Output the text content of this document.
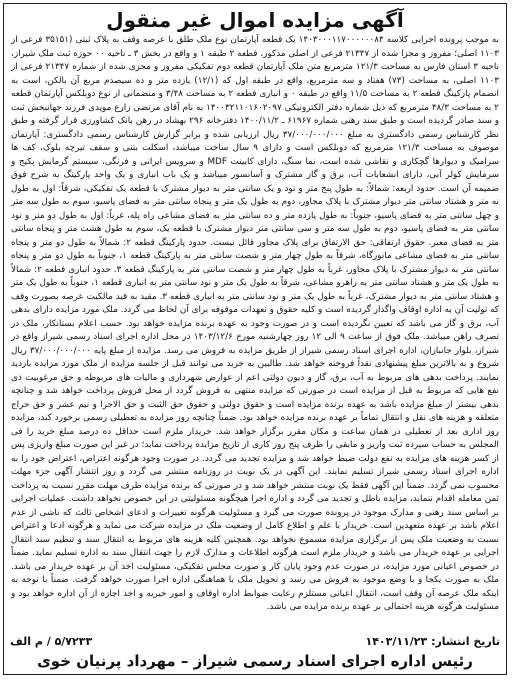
آگهی مزایده اموال غیر منقول

به موجب پرونده اجرایی کلاسه ۱۴۰۳۰۰۰۱۱۷۰۰۰۰۰۰۸۴ یک قطعه آپارتمان نوع ملک طلق با عرصه وقف به پلاک ثبتی (۳۵۱۵۱ فرعی از ۱۱۰۳ اصلی؛ مفروز و مجزا شده از ۲۱۳۴۷ فرعی از اصلی مذکور، قطعه ۲ طبقه ۱ و واقع در بخش ۳ ـ ناحیه ۰۰ حوزه ثبت ملک شیراز، ناحیه ۳ استان فارس به مساحت ۱۲۱/۳ مترمربع متن ملک آپارتمان قطعه دوم تفکیکی مفروز و مجزی شده از شماره ۲۱۳۴۷ فرعی از ۱۱۰۳ اصلی، به مساحت (۷۳) هفتاد و سه مترمربع، واقع در طبقه اول که (۱۲/۱) یازده متر و ده سیصدم مربع آن بالکن، است به انضمام پارکینگ قطعه ۲ به مساحت ۱۱/۵ واقع در طبقه ۰ و انباری قطعه ۲ به مساحت ۳/۴۸ و منضمانی از نوع دوبلکس آپارتمان قطعه ۲ به مساحت ۴۸/۳ مترمربع که ذیل شماره دفتر الکترونیکی ۱۴۰۰۳۲۱۱۰۱۶۰۲۰۹۷ به نام آقای مرتضی زارع مویدی فرزند جهانبخش ثبت و سند صادر گردیده است و طبق سند رهنی شماره ۶۱۹۶۷ ـ ۱۴۰۰/۱۱/۲ دفترخانه ۲۹۶ بهشاد در رهن بانک کشاورزی قرار گرفته و طبق نظر کارشناس رسمی دادگستری به مبلغ ۳۷/۰۰۰/۰۰۰/۰۰۰ ریال ارزیابی شده و برابر گزارش کارشناس رسمی دادگستری: آپارتمان موصوف به مساحت ۱۲۱/۳ مترمربع که دوبلکس است و دارای ۹ سال ساخت میباشد، اسکلت بتنی و سقف تیرچه بلوک، کف ها سرامیک و دیوارها گچکاری و نقاشی شده است، نما سنگ، دارای کابینت MDF و سرویس ایرانی و فرنگی، سیستم گرمایش پکیج و سرمایش کولر آبی، دارای انشعابات آب، برق و گاز مشترک و آسانسور میباشد و یک باب انباری و یک واحد پارکینگ به شرح فوق ضمیمه آن است. حدود اربعه: شمالاً: به طول پنج متر و نود و یک سانتی متر به دیوار مشترک با قطعه یک تفکیکی، شرقاً: اول به طول نه متر و هشتاد سانتی متر دیوار مشترک با پلاک مجاور، دوم به طول یک متر و پنجاه سانتی متر به فضای پاسیو، سوم به طول سه متر و چهل سانتی متر به فضای پاسیو، جنوباً: به طول یازده متر و ده سانتی متر به فضای مشاعی راه پله، غرباً: اول به طول دو متر و نود سانتی متر به فضای پاسیو، دوم به طول سه متر و سی سانتی متر دیوار مشترک با قطعه یک، سوم به طول هشت متر و پنجاه سانتی متر به فضای معبر. حقوق ارتفاقی: حق الارتفاق برای پلاک مجاور قائل نیست. حدود پارکینگ قطعه ۲: شمالاً به طول دو متر و پنجاه سانتی متر به فضای مشاعی مانورگاه، شرقاً به طول چهار متر و شصت سانتی متر به پارکینگ قطعه ۱، جنوباً به طول دو متر و پنجاه سانتی متر به دیوار مشترک با پلاک مجاور، غرباً به طول چهار متر و شصت سانتی متر به پارکینگ قطعه ۳. حدود انباری قطعه ۲: شمالاً به طول یک متر و هشتاد سانتی متر به راهرو مشاعی، شرقاً به طول یک متر و نود سانتی متر به انباری قطعه ۱، جنوباً به طول یک متر و هشتاد سانتی متر به دیوار مشترک، غرباً به طول یک متر و نود سانتی متر به انباری قطعه ۳. مقید به قید مالکیت عرصه بصورت وقف که تولیت آن به اداره اوقاف واگذار گردیده است و کلیه حقوق و تعهدات موقوفه برای آن لحاظ می گردد. ملک مورد مزایده دارای بدهی آب، برق و گاز می باشد که تعیین نگردیده است و در صورت وجود به عهده برنده مزایده خواهد بود. حسب اعلام بستانکار، ملک در تصرف راهن میباشد. ملک فوق از ساعت ۹ الی ۱۲ روز چهارشنبه مورخ ۱۴۰۳/۱۲/۶ در محل اداره اجرای اسناد رسمی شیراز واقع در شیراز، بلوار جانبازان، اداره اجرای اسناد رسمی شیراز از طریق مزایده به فروش می رسد. مزایده از مبلغ پایه ۳۷/۰۰۰/۰۰۰/۰۰۰ ریال شروع و به بالاترین مبلغ پیشنهادی نقداً فروخته خواهد شد. طالبین به خرید می توانند قبل از جلسه مزایده از ملک مورد مزایده بازدید نمایند. پرداخت بدهی های مربوط به آب، برق، گاز و دیون دولتی اعم از عوارض شهرداری و مالیات های مربوطه و حق مرغوبیت ذی نفع هایی که مربوط به قبل از مزایده است در صورتی که مزایده منتهی به فروش گردد از محل فروش پرداخت خواهد شد و چنانچه بدهی بیشتر از مبلغ مزایده باشد به عهده برنده مزایده است و حقوق دولتی و حقوق حق الثبت و حق الاجرا و نیم عشر و حق حراج متعلقه و هزینه های نقل و انتقال تماماً بر عهده برنده مزایده خواهد بود. ضمناً چنانچه روز مزایده به تعطیلی رسمی برخورد کند، مزایده روز اداری بعد از تعطیلی در همان ساعت و مکان مقرر برگزار خواهد شد. خریدار ملزم است حداقل ده درصد مبلغ خرید را فی المجلس به حساب سپرده ثبت واریز و مابقی را ظرف پنج روز کاری از تاریخ مزایده پرداخت نماید؛ در غیر این صورت مبلغ واریزی پس از کسر هزینه های مزایده به نفع دولت ضبط خواهد شد و مزایده تجدید می گردد. در صورت وجود هرگونه اعتراض، اعتراض خود را به اداره اجرای اسناد رسمی شیراز تسلیم نمایند. این آگهی در یک نوبت در روزنامه منتشر می گردد و روز انتشار آگهی جزء مهلت محسوب نمی گردد. ضمناً این آگهی فقط یک نوبت منتشر خواهد شد و در صورتی که برنده مزایده ظرف مهلت مقرر نسبت به پرداخت ثمن معامله اقدام ننماید، مزایده باطل و تجدید می گردد و اداره اجرا هیچگونه مسئولیتی در این خصوص نخواهد داشت. عملیات اجرایی بر اساس سند رهنی و مدارک موجود در پرونده صورت می گیرد و مسئولیت هرگونه تغییرات و ادعای اشخاص ثالث که ناشی از عدم اعلام باشد بر عهده متعهدین است. خریدار با علم و اطلاع کامل از وضعیت ملک در مزایده شرکت می نماید و هرگونه ادعا و اعتراض نسبت به وضعیت ملک پس از برگزاری مزایده مسموع نخواهد بود. همچنین کلیه هزینه های مربوط به انتقال سند و تنظیم سند انتقال اجرایی بر عهده خریدار می باشد و خریدار ملزم است هرگونه اطلاعات و مدارک لازم را جهت انتقال سند به اداره تسلیم نماید. ضمناً در خصوص اعیانی مورد مزایده، در صورت عدم وجود پایان کار و صورت مجلس تفکیکی، مسئولیت اخذ آن بر عهده خریدار می باشد. ملک به صورت یکجا و با وضع موجود به فروش می رسد و تحویل ملک با هماهنگی اداره اجرا صورت خواهد گرفت. ضمناً با توجه به اینکه ملک عرصه آن وقف است، انتقال اعیانی مستلزم رعایت ضوابط اداره اوقاف و امور خیریه و اخذ اجازه از آن اداره خواهد بود و مسئولیت هرگونه هزینه احتمالی بر عهده برنده مزایده می باشد.

تاریخ انتشار: ۱۴۰۳/۱۱/۲۳
۵/۷۲۳۳ / م الف
رئیس اداره اجرای اسناد رسمی شیراز – مهرداد پرنیان خوی
